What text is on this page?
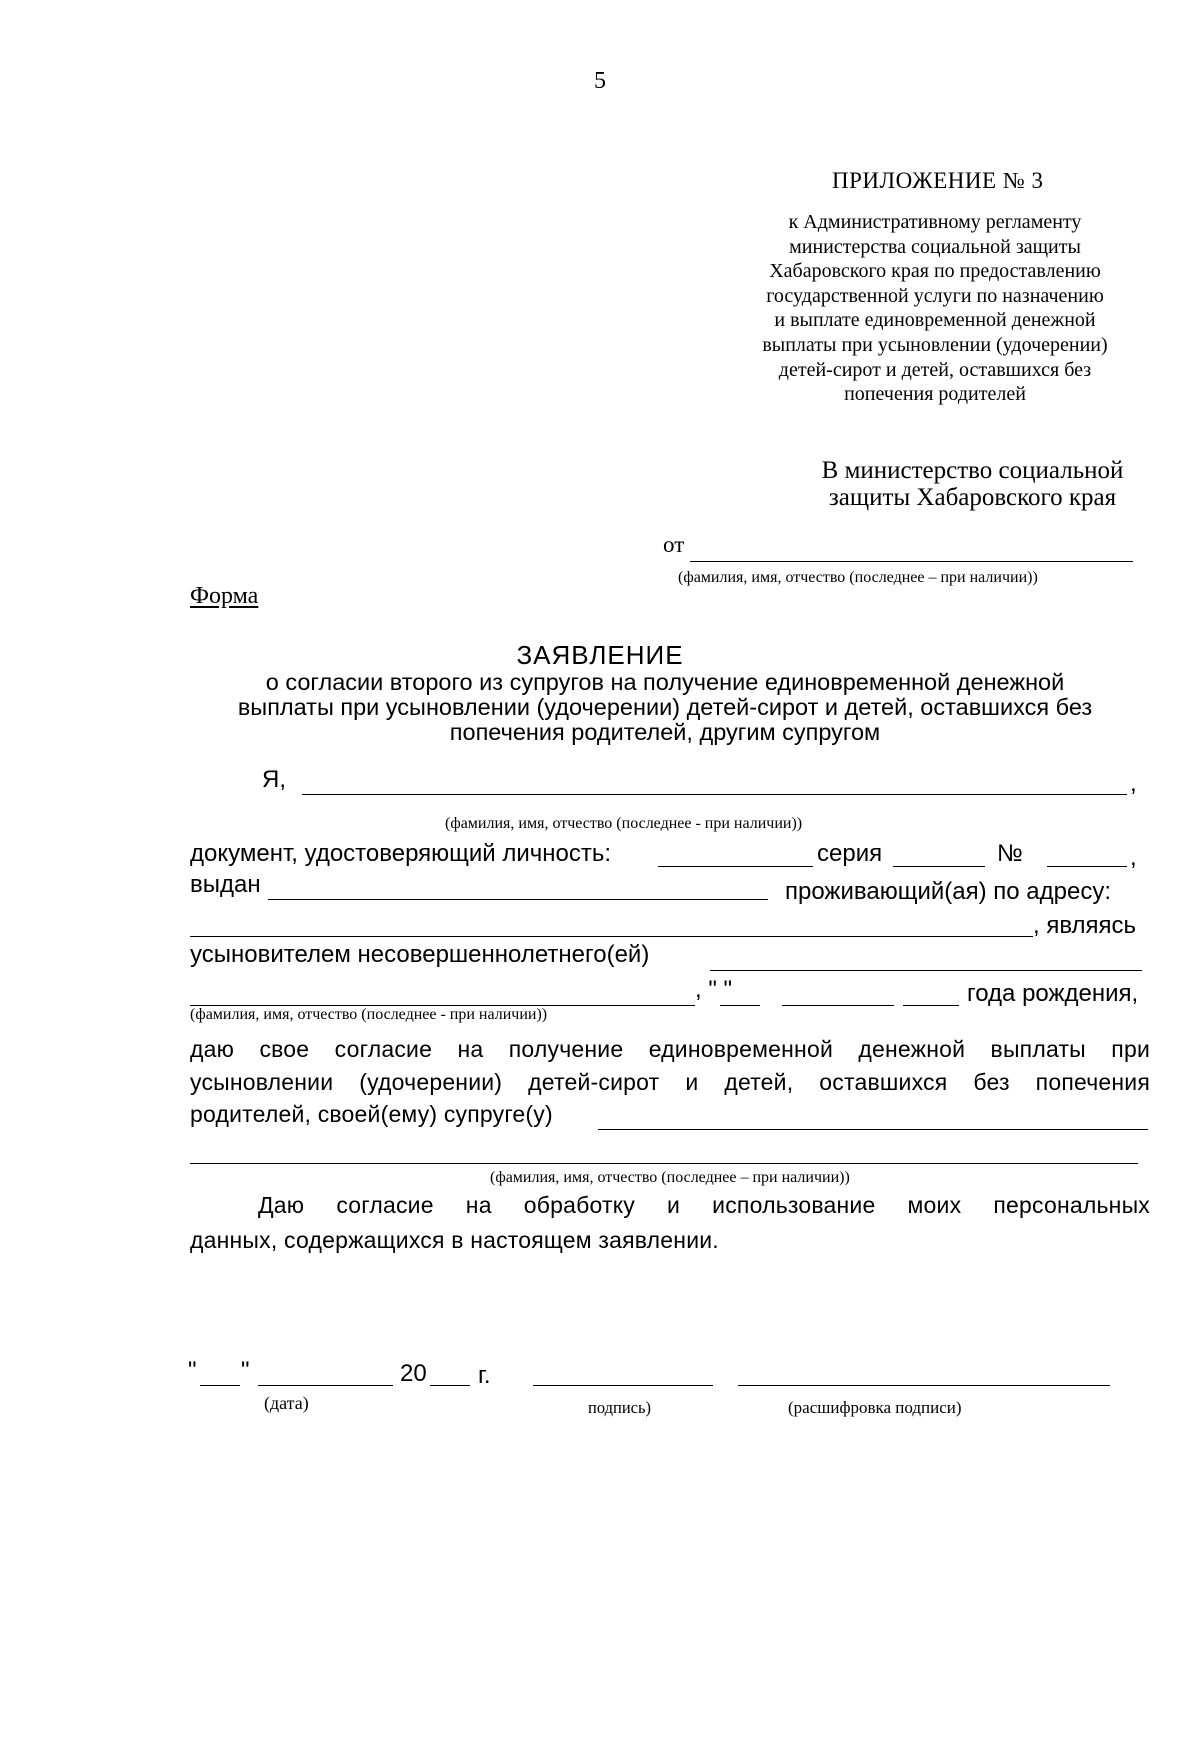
5
ПРИЛОЖЕНИЕ № 3
к Административному регламенту
министерства социальной защиты
Хабаровского края по предоставлению
государственной услуги по назначению
и выплате единовременной денежной
выплаты при усыновлении (удочерении)
детей-сирот и детей, оставшихся без
попечения родителей
В министерство социальной
защиты Хабаровского края
от
(фамилия, имя, отчество (последнее – при наличии))
Форма
ЗАЯВЛЕНИЕ
о согласии второго из супругов на получение единовременной денежной
выплаты при усыновлении (удочерении) детей-сирот и детей, оставшихся без
попечения родителей, другим супругом
Я,	,
(фамилия, имя, отчество (последнее - при наличии))
документ, удостоверяющий личность:	серия	№	,
выдан	проживающий(ая) по адресу:
, являясь
усыновителем несовершеннолетнего(ей)
, " "	года рождения,
(фамилия, имя, отчество (последнее - при наличии))
даю свое согласие на получение единовременной денежной выплаты при
усыновлении (удочерении) детей-сирот и детей, оставшихся без попечения
родителей, своей(ему) супруге(у)
(фамилия, имя, отчество (последнее – при наличии))
Даю согласие на обработку и использование моих персональных
данных, содержащихся в настоящем заявлении.
" "	20 г.
(дата)	подпись)	(расшифровка подписи)
